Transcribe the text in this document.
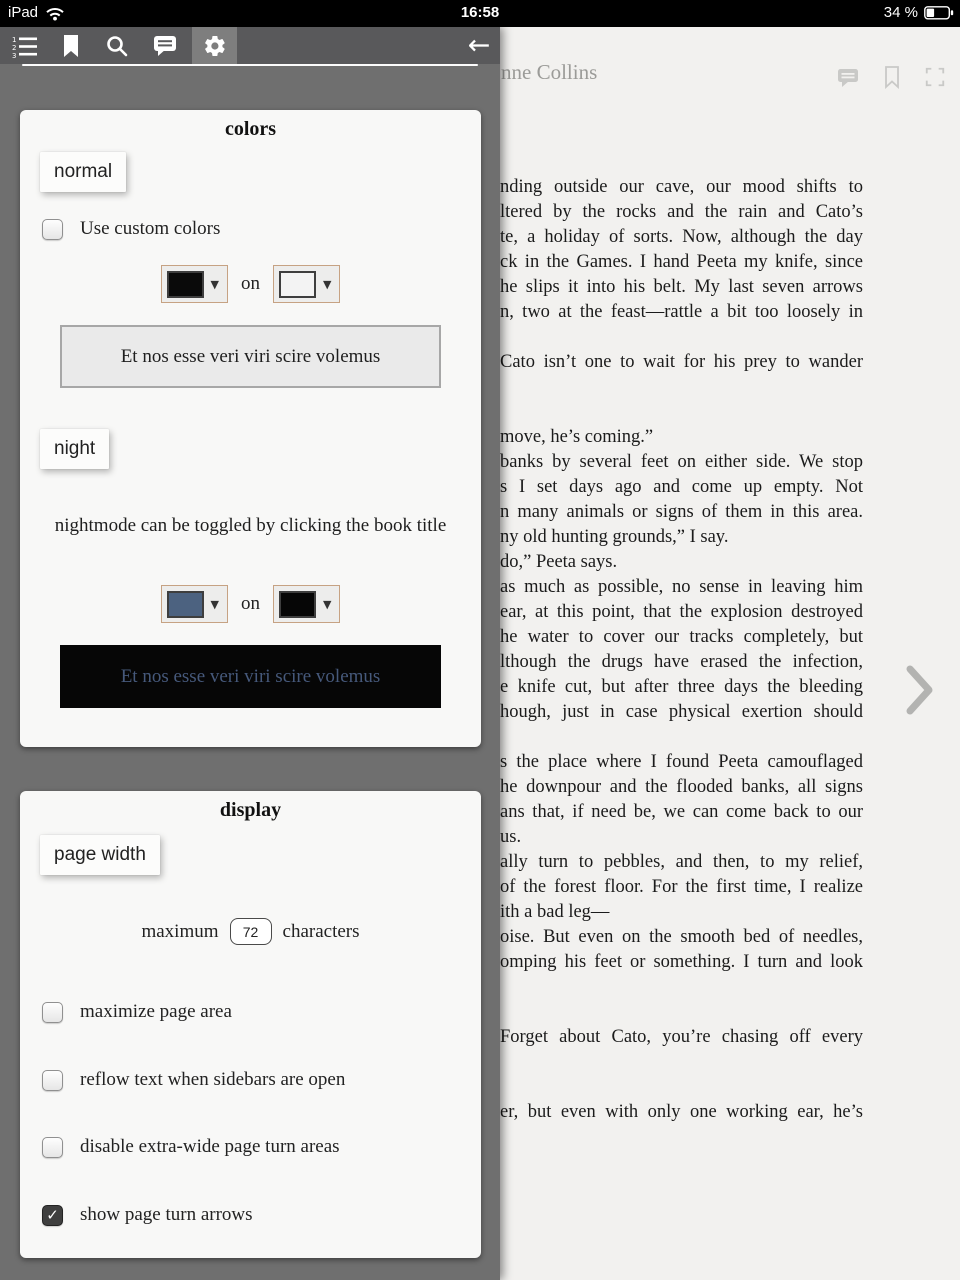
nne Collins
nding outside our cave, our mood shifts to
ltered by the rocks and the rain and Cato’s
te, a holiday of sorts. Now, although the day
ck in the Games. I hand Peeta my knife, since
he slips it into his belt. My last seven arrows
n, two at the feast—rattle a bit too loosely in
Cato isn’t one to wait for his prey to wander
move, he’s coming.”
banks by several feet on either side. We stop
s I set days ago and come up empty. Not
n many animals or signs of them in this area.
ny old hunting grounds,” I say.
do,” Peeta says.
as much as possible, no sense in leaving him
ear, at this point, that the explosion destroyed
he water to cover our tracks completely, but
lthough the drugs have erased the infection,
e knife cut, but after three days the bleeding
hough, just in case physical exertion should
s the place where I found Peeta camouflaged
he downpour and the flooded banks, all signs
ans that, if need be, we can come back to our
us.
ally turn to pebbles, and then, to my relief,
of the forest floor. For the first time, I realize
ith a bad leg—
oise. But even on the smooth bed of needles,
omping his feet or something. I turn and look
Forget about Cato, you’re chasing off every
er, but even with only one working ear, he’s
1
2
3	←
colors
normal
Use custom colors
▼ on	▼
Et nos esse veri viri scire volemus
night
nightmode can be toggled by clicking the book title
▼ on	▼
Et nos esse veri viri scire volemus
display
page width
maximum
72	characters
maximize page area
reflow text when sidebars are open
disable extra-wide page turn areas
✓ show page turn arrows
iPad	16:58	34 %
